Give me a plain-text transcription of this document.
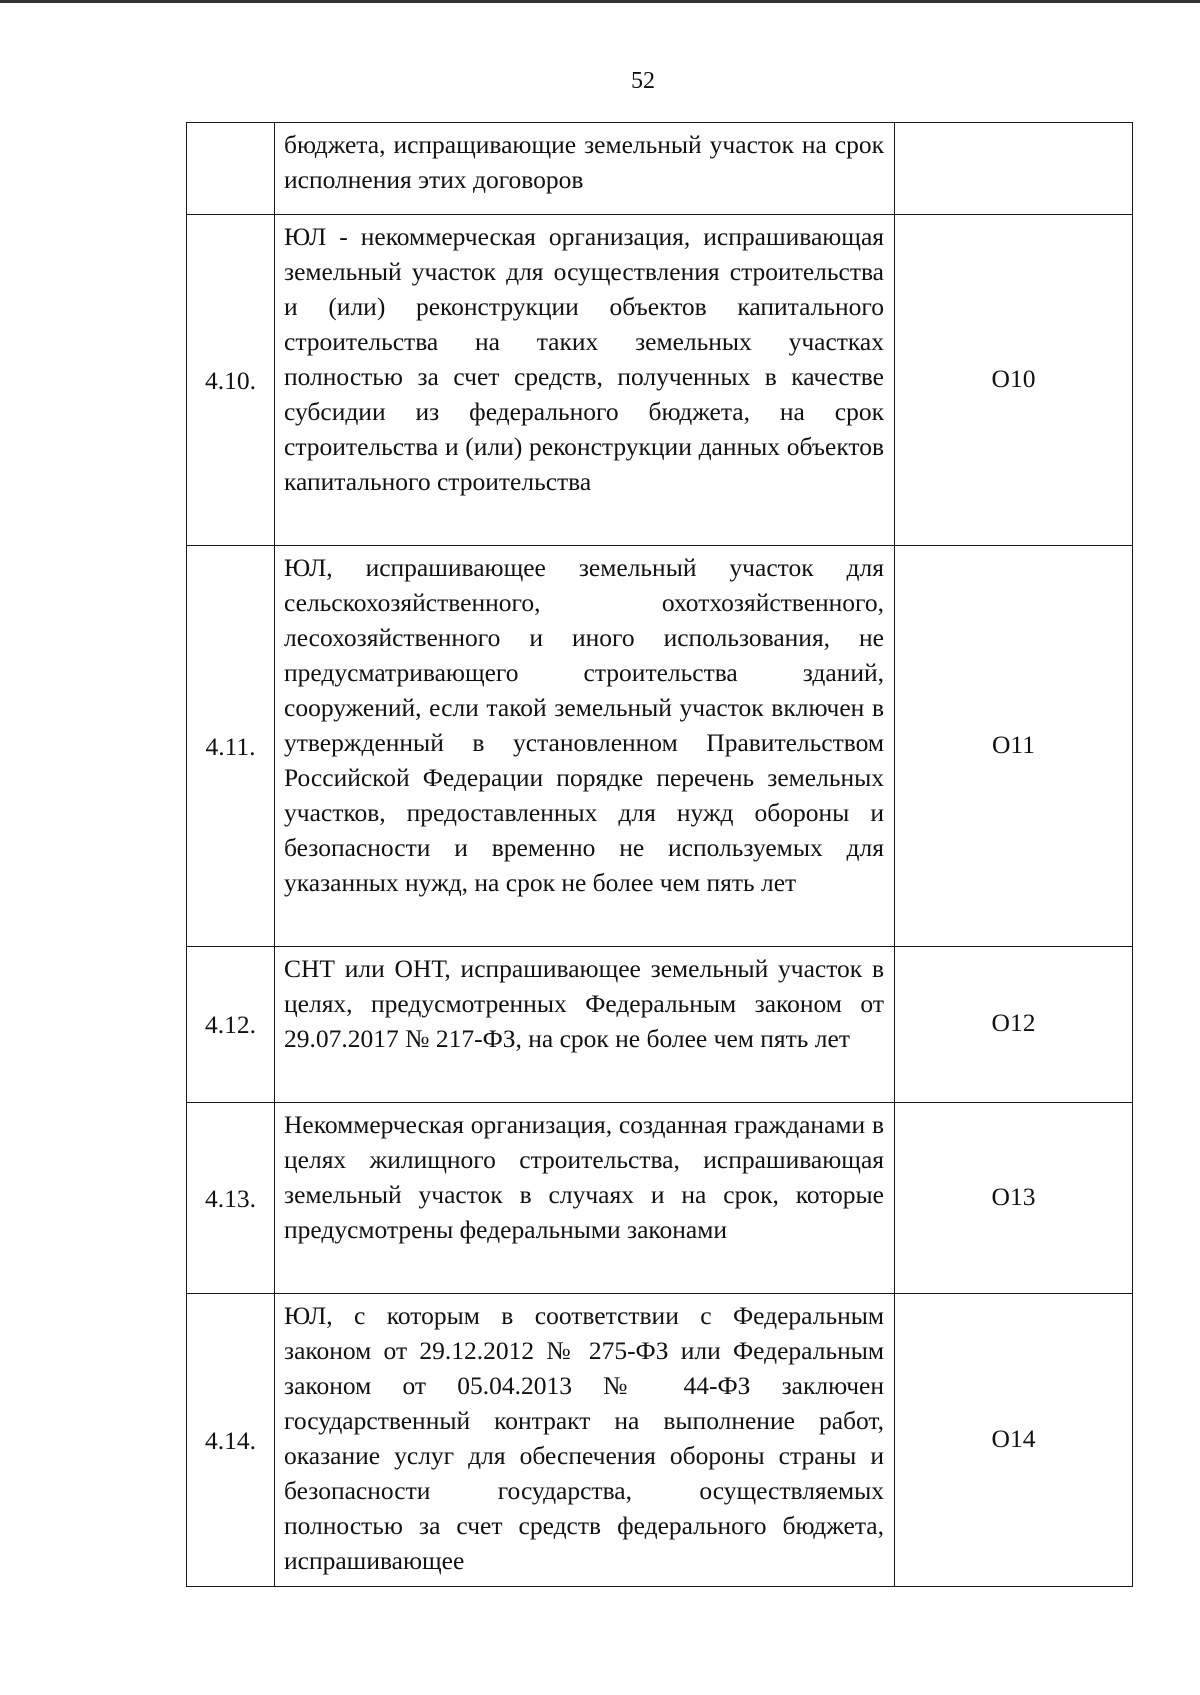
52
	бюджета, испращивающие земельный участок на срок исполнения этих договоров	
4.10.	ЮЛ - некоммерческая организация, испрашивающая земельный участок для осуществления строительства и (или) реконструкции объектов капитального строительства на таких земельных участках полностью за счет средств, полученных в качестве субсидии из федерального бюджета, на срок строительства и (или) реконструкции данных объектов капитального строительства	О10
4.11.	ЮЛ, испрашивающее земельный участок для сельскохозяйственного, охотхозяйственного, лесохозяйственного и иного использования, не предусматривающего строительства зданий, сооружений, если такой земельный участок включен в утвержденный в установленном Правительством Российской Федерации порядке перечень земельных участков, предоставленных для нужд обороны и безопасности и временно не используемых для указанных нужд, на срок не более чем пять лет	О11
4.12.	СНТ или ОНТ, испрашивающее земельный участок в целях, предусмотренных Федеральным законом от 29.07.2017 № 217-ФЗ, на срок не более чем пять лет	О12
4.13.	Некоммерческая организация, созданная гражданами в целях жилищного строительства, испрашивающая земельный участок в случаях и на срок, которые предусмотрены федеральными законами	О13
4.14.	ЮЛ, с которым в соответствии с Федеральным законом от 29.12.2012 № 275-ФЗ или Федеральным законом от 05.04.2013 № 44-ФЗ заключен государственный контракт на выполнение работ, оказание услуг для обеспечения обороны страны и безопасности государства, осуществляемых полностью за счет средств федерального бюджета, испрашивающее	О14
